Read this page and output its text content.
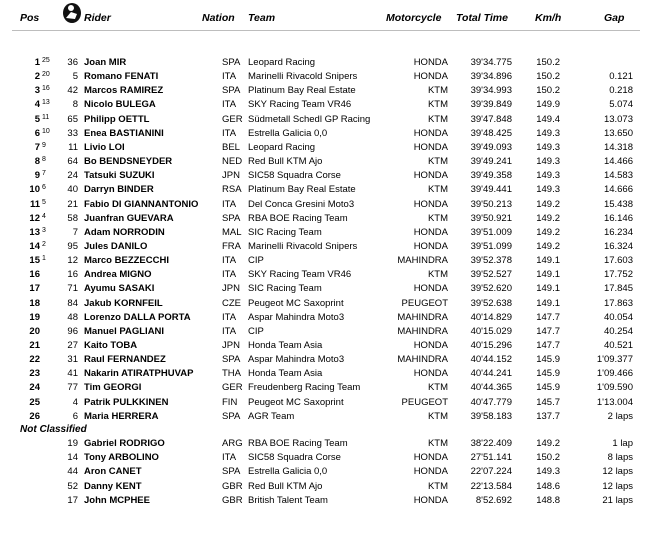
Pos	Rider	Nation Team	Motorcycle Total Time	Km/h	Gap
1 25	36 Joan MIR	SPA Leopard Racing	HONDA	39'34.775	150.2
2 20	5 Romano FENATI	ITA Marinelli Rivacold Snipers	HONDA	39'34.896	150.2	0.121
3 16	42 Marcos RAMIREZ	SPA Platinum Bay Real Estate	KTM	39'34.993	150.2	0.218
4 13	8 Nicolo BULEGA	ITA SKY Racing Team VR46	KTM	39'39.849	149.9	5.074
5 11	65 Philipp OETTL	GER Südmetall Schedl GP Racing	KTM	39'47.848	149.4	13.073
6 10	33 Enea BASTIANINI	ITA Estrella Galicia 0,0	HONDA	39'48.425	149.3	13.650
7 9	11 Livio LOI	BEL Leopard Racing	HONDA	39'49.093	149.3	14.318
8 8	64 Bo BENDSNEYDER	NED Red Bull KTM Ajo	KTM	39'49.241	149.3	14.466
9 7	24 Tatsuki SUZUKI	JPN SIC58 Squadra Corse	HONDA	39'49.358	149.3	14.583
10 6	40 Darryn BINDER	RSA Platinum Bay Real Estate	KTM	39'49.441	149.3	14.666
11 5	21 Fabio DI GIANNANTONIO ITA Del Conca Gresini Moto3	HONDA	39'50.213	149.2	15.438
12 4	58 Juanfran GUEVARA	SPA RBA BOE Racing Team	KTM	39'50.921	149.2	16.146
13 3	7 Adam NORRODIN	MAL SIC Racing Team	HONDA	39'51.009	149.2	16.234
14 2	95 Jules DANILO	FRA Marinelli Rivacold Snipers	HONDA	39'51.099	149.2	16.324
15 1	12 Marco BEZZECCHI	ITA CIP	MAHINDRA	39'52.378	149.1	17.603
16	16 Andrea MIGNO	ITA SKY Racing Team VR46	KTM	39'52.527	149.1	17.752
17	71 Ayumu SASAKI	JPN SIC Racing Team	HONDA	39'52.620	149.1	17.845
18	84 Jakub KORNFEIL	CZE Peugeot MC Saxoprint	PEUGEOT	39'52.638	149.1	17.863
19	48 Lorenzo DALLA PORTA	ITA Aspar Mahindra Moto3	MAHINDRA	40'14.829	147.7	40.054
20	96 Manuel PAGLIANI	ITA CIP	MAHINDRA	40'15.029	147.7	40.254
21	27 Kaito TOBA	JPN Honda Team Asia	HONDA	40'15.296	147.7	40.521
22	31 Raul FERNANDEZ	SPA Aspar Mahindra Moto3	MAHINDRA	40'44.152	145.9	1'09.377
23	41 Nakarin ATIRATPHUVAP	THA Honda Team Asia	HONDA	40'44.241	145.9	1'09.466
24	77 Tim GEORGI	GER Freudenberg Racing Team	KTM	40'44.365	145.9	1'09.590
25	4 Patrik PULKKINEN	FIN Peugeot MC Saxoprint	PEUGEOT	40'47.779	145.7	1'13.004
26	6 Maria HERRERA	SPA AGR Team	KTM	39'58.183	137.7	2 laps
19 Gabriel RODRIGO	ARG RBA BOE Racing Team	KTM	38'22.409	149.2	1 lap
14 Tony ARBOLINO	ITA SIC58 Squadra Corse	HONDA	27'51.141	150.2	8 laps
44 Aron CANET	SPA Estrella Galicia 0,0	HONDA	22'07.224	149.3	12 laps
52 Danny KENT	GBR Red Bull KTM Ajo	KTM	22'13.584	148.6	12 laps
17 John MCPHEE	GBR British Talent Team	HONDA	8'52.692	148.8	21 laps
Not Classified
